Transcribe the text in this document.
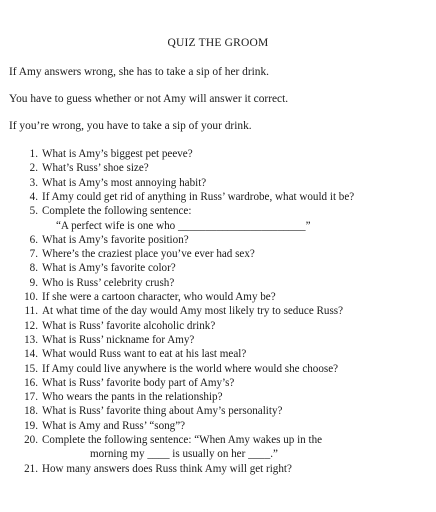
QUIZ THE GROOM
If Amy answers wrong, she has to take a sip of her drink.
You have to guess whether or not Amy will answer it correct.
If you’re wrong, you have to take a sip of your drink.
1. What is Amy’s biggest pet peeve?
2. What’s Russ’ shoe size?
3. What is Amy’s most annoying habit?
4. If Amy could get rid of anything in Russ’ wardrobe, what would it be?
5. Complete the following sentence:
“A perfect wife is one who _______________________”
6. What is Amy’s favorite position?
7. Where’s the craziest place you’ve ever had sex?
8. What is Amy’s favorite color?
9. Who is Russ’ celebrity crush?
10. If she were a cartoon character, who would Amy be?
11. At what time of the day would Amy most likely try to seduce Russ?
12. What is Russ’ favorite alcoholic drink?
13. What is Russ’ nickname for Amy?
14. What would Russ want to eat at his last meal?
15. If Amy could live anywhere is the world where would she choose?
16. What is Russ’ favorite body part of Amy’s?
17. Who wears the pants in the relationship?
18. What is Russ’ favorite thing about Amy’s personality?
19. What is Amy and Russ’ “song”?
20. Complete the following sentence: “When Amy wakes up in the
morning my ____ is usually on her ____.”
21. How many answers does Russ think Amy will get right?
